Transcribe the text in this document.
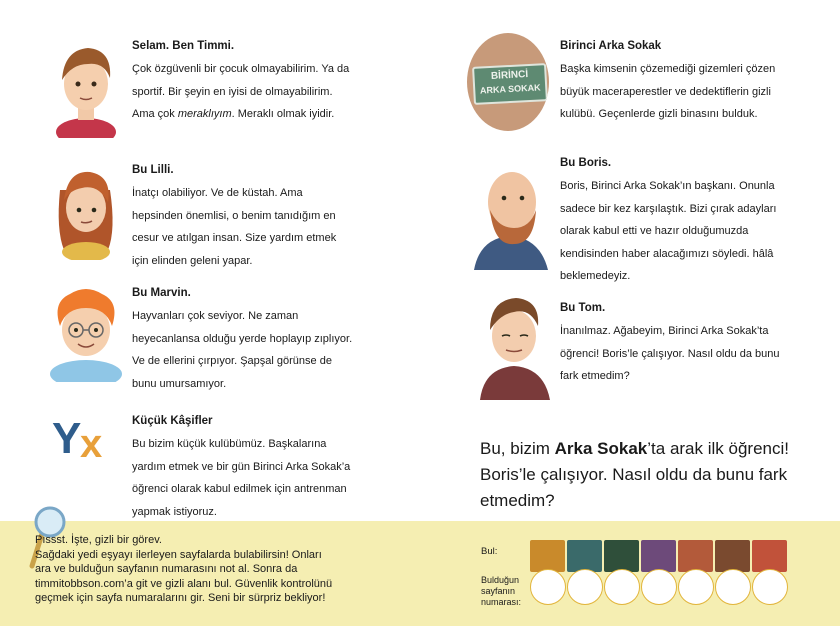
Y
x
Selam. Ben Timmi.
Çok özgüvenli bir çocuk olmayabilirim. Ya da
sportif. Bir şeyin en iyisi de olmayabilirim.
Ama çok meraklıyım. Meraklı olmak iyidir.
Bu Lilli.
İnatçı olabiliyor. Ve de küstah. Ama
hepsinden önemlisi, o benim tanıdığım en
cesur ve atılgan insan. Size yardım etmek
için elinden geleni yapar.
Bu Marvin.
Hayvanları çok seviyor. Ne zaman
heyecanlansa olduğu yerde hoplayıp zıplıyor.
Ve de ellerini çırpıyor. Şapşal görünse de
bunu umursamıyor.
Küçük Kâşifler
Bu bizim küçük kulübümüz. Başkalarına
yardım etmek ve bir gün Birinci Arka Sokak’a
öğrenci olarak kabul edilmek için antrenman
yapmak istiyoruz.
BİRİNCİ
ARKA SOKAK
Birinci Arka Sokak
Başka kimsenin çözemediği gizemleri çözen
büyük maceraperestler ve dedektiflerin gizli
kulübü. Geçenlerde gizli binasını bulduk.
Bu Boris.
Boris, Birinci Arka Sokak’ın başkanı. Onunla
sadece bir kez karşılaştık. Bizi çırak adayları
olarak kabul etti ve hazır olduğumuzda
kendisinden haber alacağımızı söyledi. hâlâ
beklemedeyiz.
Bu Tom.
İnanılmaz. Ağabeyim, Birinci Arka Sokak’ta
öğrenci! Boris’le çalışıyor. Nasıl oldu da bunu
fark etmedim?
Bu, bizim Arka Sokak’ta arak ilk öğrenci! Boris’le çalışıyor. Nasıl oldu da bunu fark etmedim?
Pıssst. İşte, gizli bir görev.
Sağdaki yedi eşyayı ilerleyen sayfalarda bulabilirsin! Onları
ara ve bulduğun sayfanın numarasını not al. Sonra da
timmitobbson.com’a git ve gizli alanı bul. Güvenlik kontrolünü
geçmek için sayfa numaralarını gir. Seni bir sürpriz bekliyor!
Bul:
Bulduğun sayfanın numarası:
